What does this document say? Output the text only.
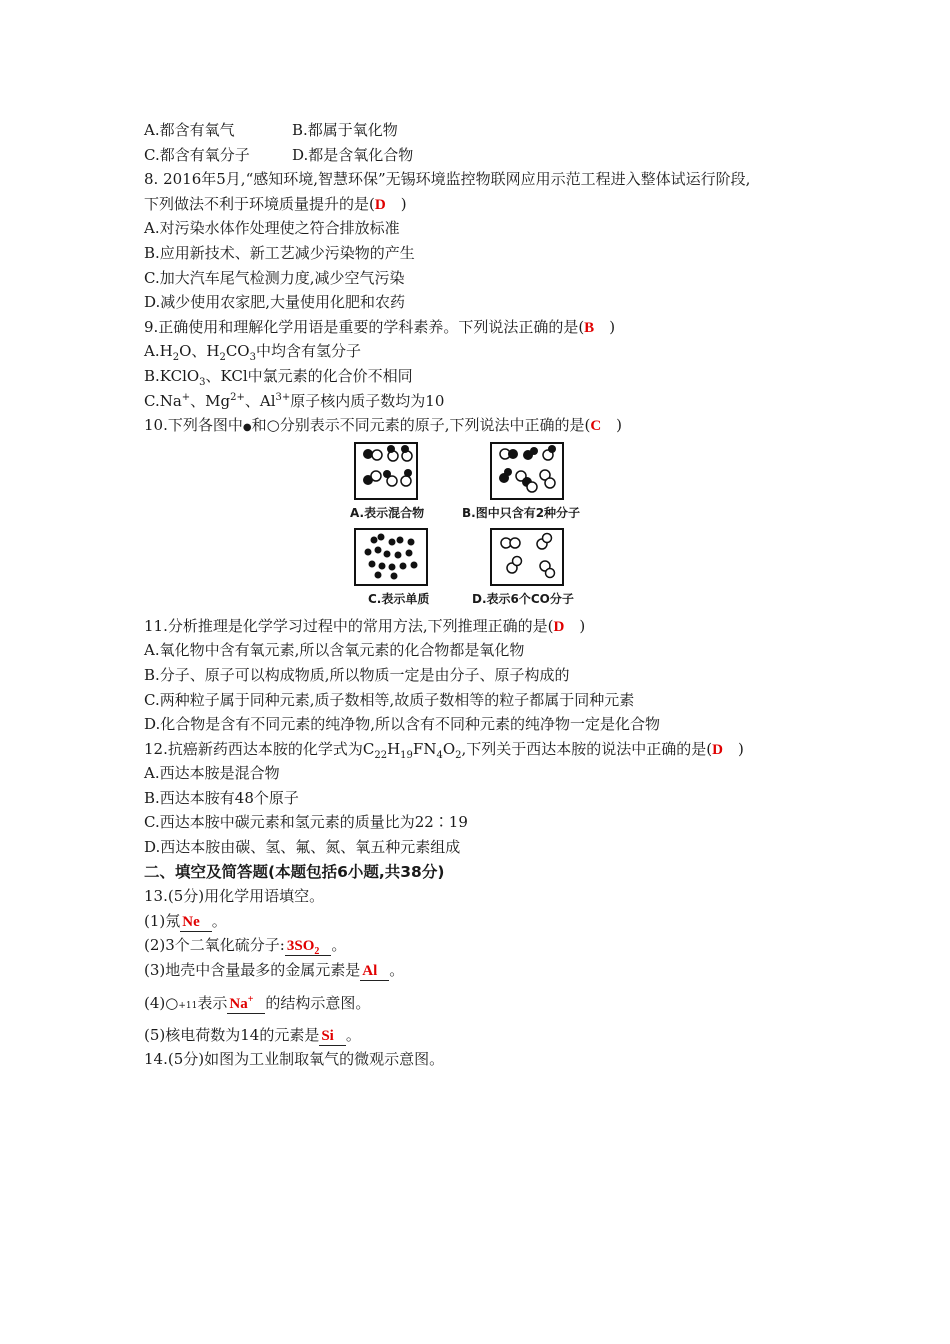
A.都含有氧气	B.都属于氧化物
C.都含有氧分子	D.都是含氧化合物
8. 2016年5月,“感知环境,智慧环保”无锡环境监控物联网应用示范工程进入整体试运行阶段,
下列做法不利于环境质量提升的是(D　)
A.对污染水体作处理使之符合排放标准
B.应用新技术、新工艺减少污染物的产生
C.加大汽车尾气检测力度,减少空气污染
D.减少使用农家肥,大量使用化肥和农药
9.正确使用和理解化学用语是重要的学科素养。下列说法正确的是(B　)
$A.H_2O$、$H_2CO_3$中均含有氢分子
B.KClO$_3$、KCl中氯元素的化合价不相同
C.Na+、$Mg^{2+}$、$Al^{3+}$原子核内质子数均为10
10.下列各图中●和○分别表示不同元素的原子,下列说法中正确的是(C　)
A.表示混合物	B.图中只含有2种分子
C.表示单质	D.表示6个CO分子
11.分析推理是化学学习过程中的常用方法,下列推理正确的是(D　)
A.氧化物中含有氧元素,所以含氧元素的化合物都是氧化物
B.分子、原子可以构成物质,所以物质一定是由分子、原子构成的
C.两种粒子属于同种元素,质子数相等,故质子数相等的粒子都属于同种元素
D.化合物是含有不同元素的纯净物,所以含有不同种元素的纯净物一定是化合物
12.抗癌新药西达本胺的化学式为$C_{22}H_{19}FN_4O_2$,下列关于西达本胺的说法中正确的是(D　)
A.西达本胺是混合物
B.西达本胺有48个原子
C.西达本胺中碳元素和氢元素的质量比为22∶19
D.西达本胺由碳、氢、氟、氮、氧五种元素组成
二、填空及简答题(本题包括6小题,共38分)
13.(5分)用化学用语填空。
(1)氖 Ne 。
(2)3个二氧化硫分子: $3SO_2$ 。
(3)地壳中含量最多的金属元素是 Al 。
(4)○+11表示 Na+ 的结构示意图。
(5)核电荷数为14的元素是 Si 。
14.(5分)如图为工业制取氧气的微观示意图。
